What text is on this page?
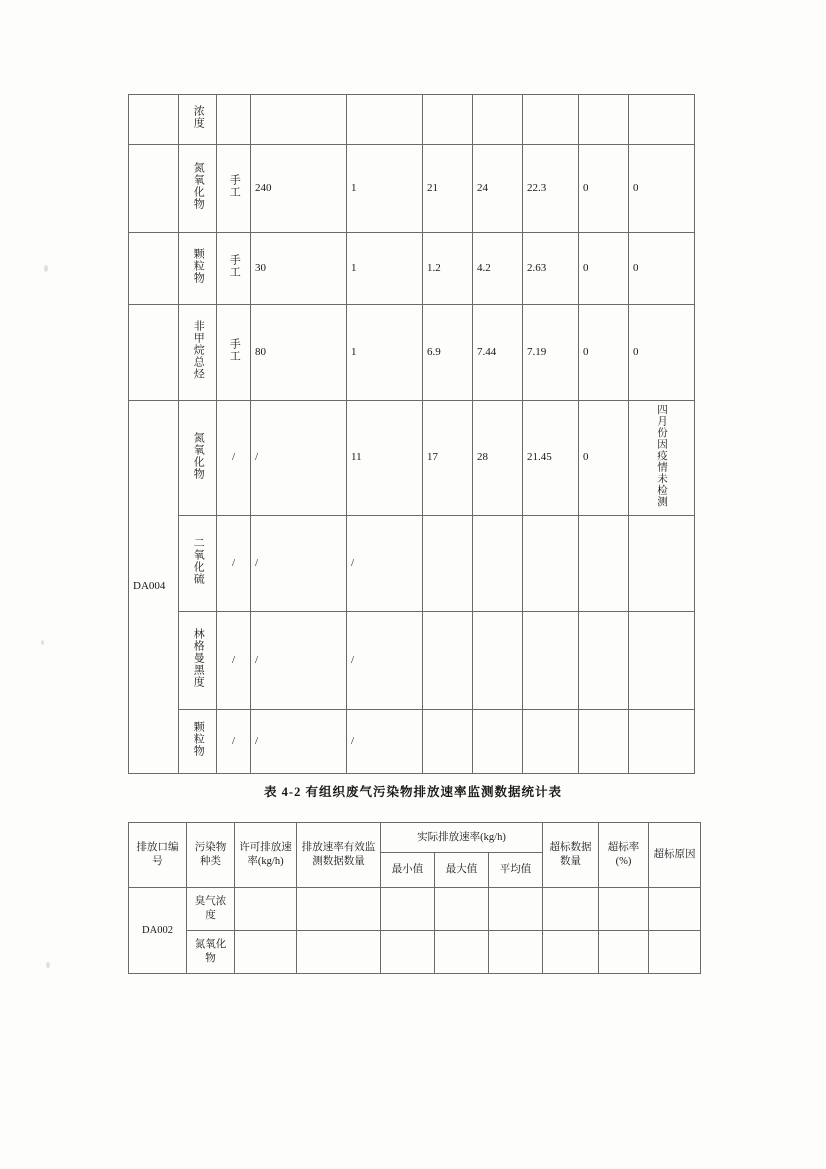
	浓度								
	氮氧化物	手工	240	1	21	24	22.3	0	0
	颗粒物	手工	30	1	1.2	4.2	2.63	0	0
	非甲烷总烃	手工	80	1	6.9	7.44	7.19	0	0
DA004	氮氧化物	/	/	11	17	28	21.45	0	四月份因疫情未检测
	二氧化硫	/	/	/					
	林格曼黑度	/	/	/					
	颗粒物	/	/	/					
表 4-2 有组织废气污染物排放速率监测数据统计表
排放口编号	污染物种类	许可排放速率(kg/h)	排放速率有效监测数据数量	实际排放速率(kg/h)			超标数据数量	超标率(%)	超标原因
				最小值	最大值	平均值			
DA002	臭气浓度								
	氮氧化物								
